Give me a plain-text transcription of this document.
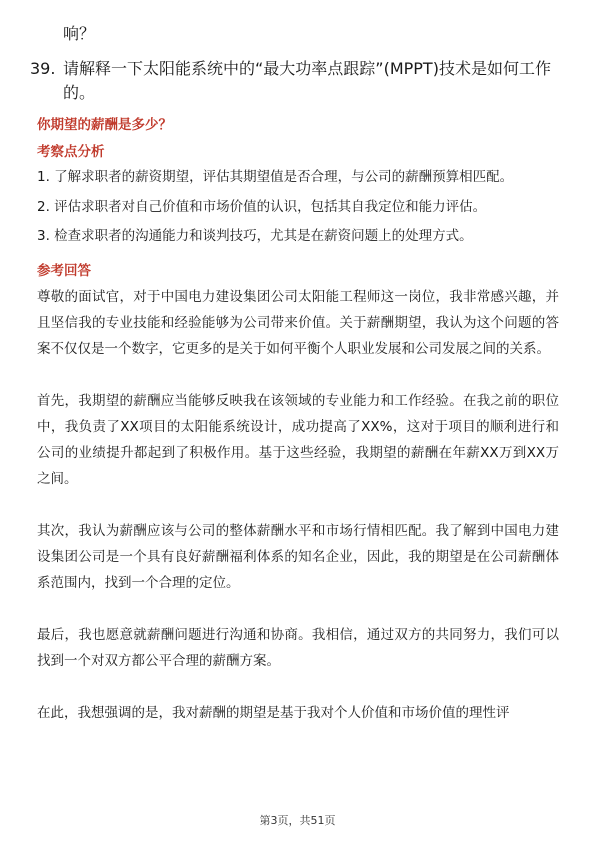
响？

39. 请解释一下太阳能系统中的“最大功率点跟踪”(MPPT)技术是如何工作的。

你期望的薪酬是多少？

考察点分析

1. 了解求职者的薪资期望，评估其期望值是否合理，与公司的薪酬预算相匹配。
2. 评估求职者对自己价值和市场价值的认识，包括其自我定位和能力评估。
3. 检查求职者的沟通能力和谈判技巧，尤其是在薪资问题上的处理方式。

参考回答

尊敬的面试官，对于中国电力建设集团公司太阳能工程师这一岗位，我非常感兴趣，并且坚信我的专业技能和经验能够为公司带来价值。关于薪酬期望，我认为这个问题的答案不仅仅是一个数字，它更多的是关于如何平衡个人职业发展和公司发展之间的关系。

首先，我期望的薪酬应当能够反映我在该领域的专业能力和工作经验。在我之前的职位中，我负责了XX项目的太阳能系统设计，成功提高了XX%，这对于项目的顺利进行和公司的业绩提升都起到了积极作用。基于这些经验，我期望的薪酬在年薪XX万到XX万之间。

其次，我认为薪酬应该与公司的整体薪酬水平和市场行情相匹配。我了解到中国电力建设集团公司是一个具有良好薪酬福利体系的知名企业，因此，我的期望是在公司薪酬体系范围内，找到一个合理的定位。

最后，我也愿意就薪酬问题进行沟通和协商。我相信，通过双方的共同努力，我们可以找到一个对双方都公平合理的薪酬方案。

在此，我想强调的是，我对薪酬的期望是基于我对个人价值和市场价值的理性评

第3页，共51页
